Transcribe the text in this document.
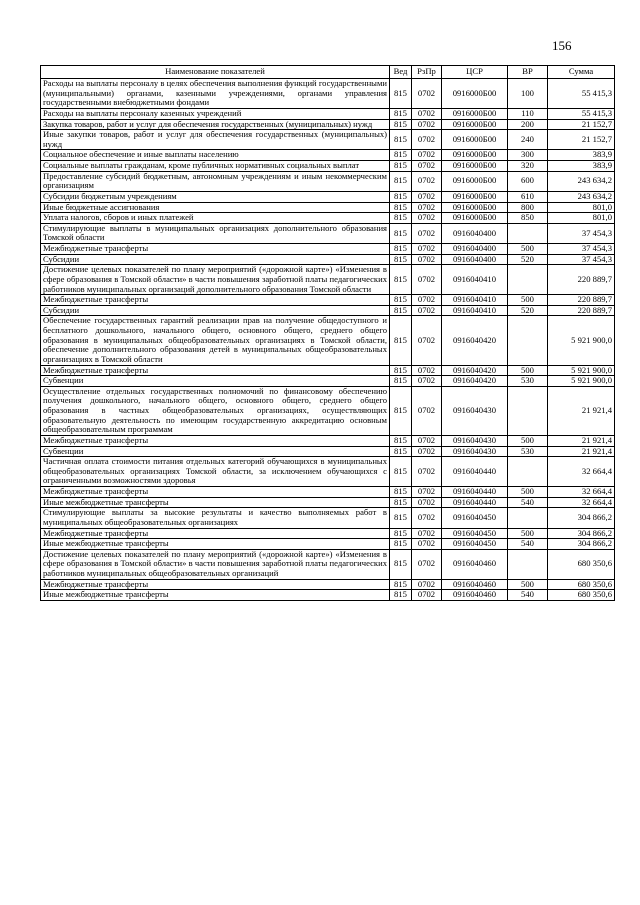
156
Наименование показателей	Вед	РзПр	ЦСР	ВР	Сумма
Расходы на выплаты персоналу в целях обеспечения выполнения функций государственными (муниципальными) органами, казенными учреждениями, органами управления государственными внебюджетными фондами	815	0702	0916000Б00	100	55 415,3
Расходы на выплаты персоналу казенных учреждений	815	0702	0916000Б00	110	55 415,3
Закупка товаров, работ и услуг для обеспечения государственных (муниципальных) нужд	815	0702	0916000Б00	200	21 152,7
Иные закупки товаров, работ и услуг для обеспечения государственных (муниципальных) нужд	815	0702	0916000Б00	240	21 152,7
Социальное обеспечение и иные выплаты населению	815	0702	0916000Б00	300	383,9
Социальные выплаты гражданам, кроме публичных нормативных социальных выплат	815	0702	0916000Б00	320	383,9
Предоставление субсидий бюджетным, автономным учреждениям и иным некоммерческим организациям	815	0702	0916000Б00	600	243 634,2
Субсидии бюджетным учреждениям	815	0702	0916000Б00	610	243 634,2
Иные бюджетные ассигнования	815	0702	0916000Б00	800	801,0
Уплата налогов, сборов и иных платежей	815	0702	0916000Б00	850	801,0
Стимулирующие выплаты в муниципальных организациях дополнительного образования Томской области	815	0702	0916040400		37 454,3
Межбюджетные трансферты	815	0702	0916040400	500	37 454,3
Субсидии	815	0702	0916040400	520	37 454,3
Достижение целевых показателей по плану мероприятий («дорожной карте») «Изменения в сфере образования в Томской области» в части повышения заработной платы педагогических работников муниципальных организаций дополнительного образования Томской области	815	0702	0916040410		220 889,7
Межбюджетные трансферты	815	0702	0916040410	500	220 889,7
Субсидии	815	0702	0916040410	520	220 889,7
Обеспечение государственных гарантий реализации прав на получение общедоступного и бесплатного дошкольного, начального общего, основного общего, среднего общего образования в муниципальных общеобразовательных организациях в Томской области, обеспечение дополнительного образования детей в муниципальных общеобразовательных организациях в Томской области	815	0702	0916040420		5 921 900,0
Межбюджетные трансферты	815	0702	0916040420	500	5 921 900,0
Субвенции	815	0702	0916040420	530	5 921 900,0
Осуществление отдельных государственных полномочий по финансовому обеспечению получения дошкольного, начального общего, основного общего, среднего общего образования в частных общеобразовательных организациях, осуществляющих образовательную деятельность по имеющим государственную аккредитацию основным общеобразовательным программам	815	0702	0916040430		21 921,4
Межбюджетные трансферты	815	0702	0916040430	500	21 921,4
Субвенции	815	0702	0916040430	530	21 921,4
Частичная оплата стоимости питания отдельных категорий обучающихся в муниципальных общеобразовательных организациях Томской области, за исключением обучающихся с ограниченными возможностями здоровья	815	0702	0916040440		32 664,4
Межбюджетные трансферты	815	0702	0916040440	500	32 664,4
Иные межбюджетные трансферты	815	0702	0916040440	540	32 664,4
Стимулирующие выплаты за высокие результаты и качество выполняемых работ в муниципальных общеобразовательных организациях	815	0702	0916040450		304 866,2
Межбюджетные трансферты	815	0702	0916040450	500	304 866,2
Иные межбюджетные трансферты	815	0702	0916040450	540	304 866,2
Достижение целевых показателей по плану мероприятий («дорожной карте») «Изменения в сфере образования в Томской области» в части повышения заработной платы педагогических работников муниципальных общеобразовательных организаций	815	0702	0916040460		680 350,6
Межбюджетные трансферты	815	0702	0916040460	500	680 350,6
Иные межбюджетные трансферты	815	0702	0916040460	540	680 350,6
